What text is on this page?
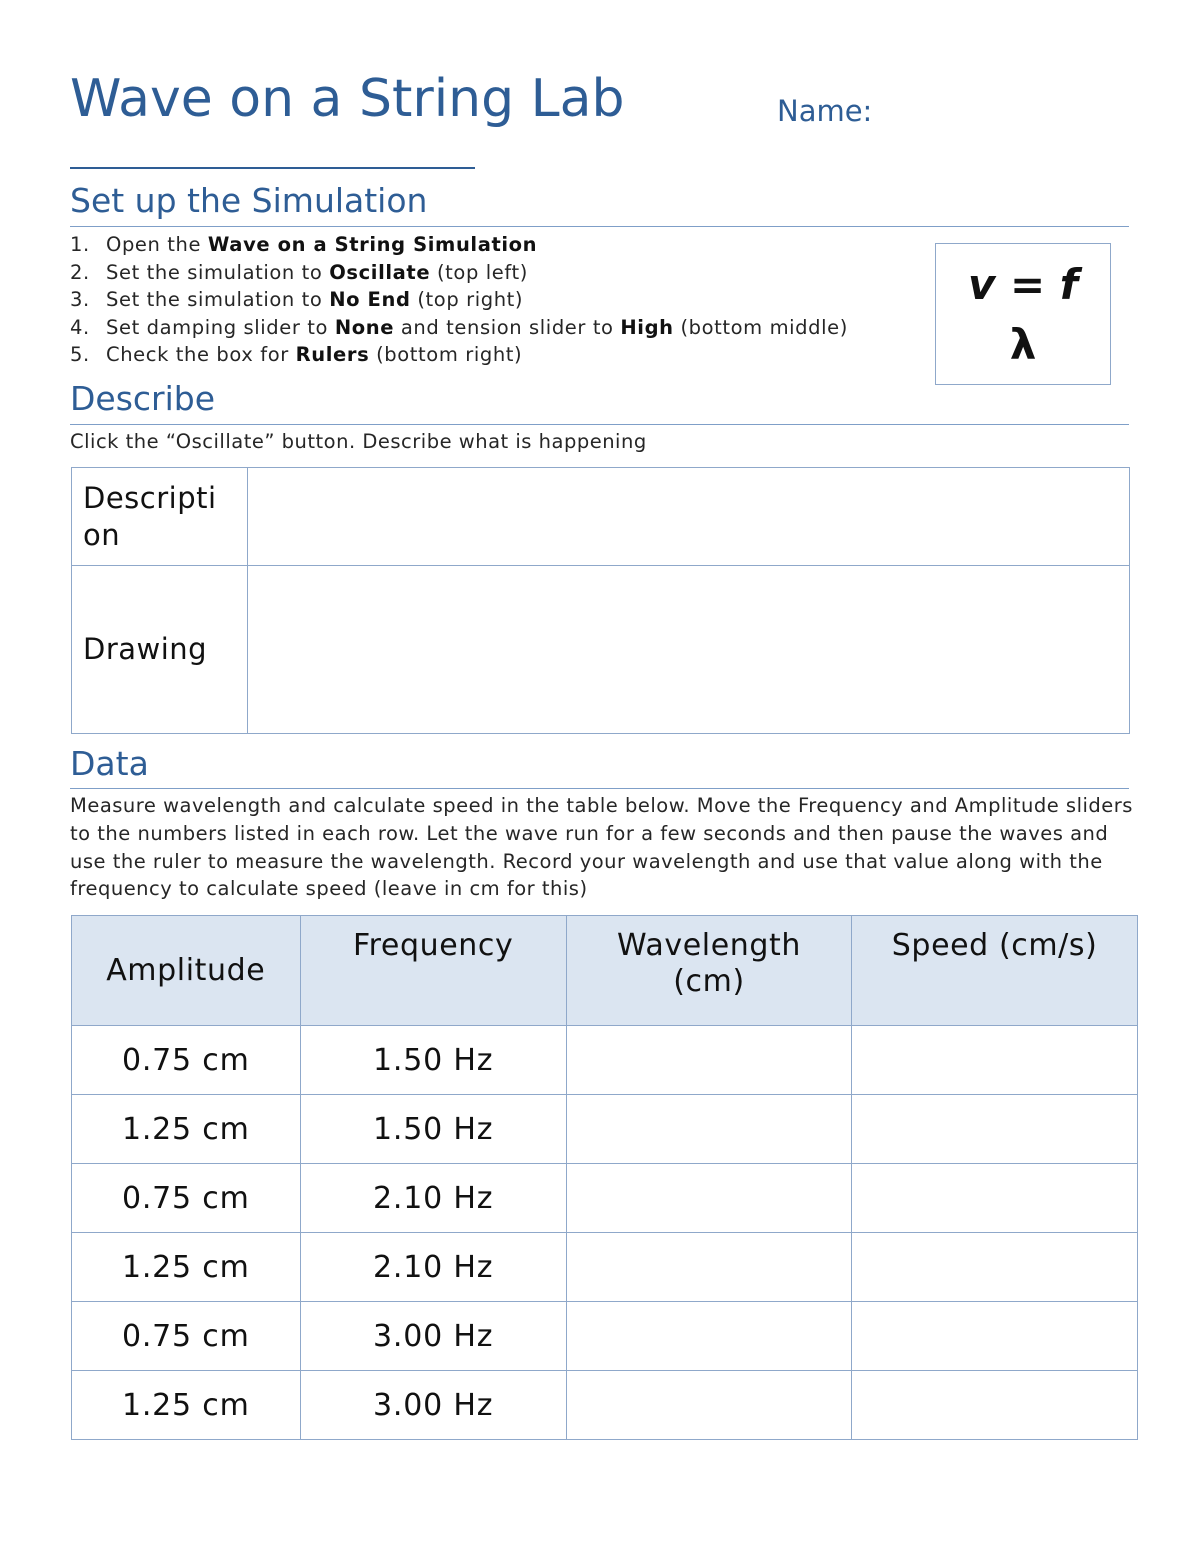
Wave on a String Lab	Name:
Set up the Simulation
1. Open the Wave on a String Simulation
2. Set the simulation to Oscillate (top left)
3. Set the simulation to No End (top right)
4. Set damping slider to None and tension slider to High (bottom middle)
5. Check the box for Rulers (bottom right)
v = f
λ
Describe
Click the “Oscillate” button. Describe what is happening
Description	

Drawing	
Data
Measure wavelength and calculate speed in the table below. Move the Frequency and Amplitude sliders to the numbers listed in each row. Let the wave run for a few seconds and then pause the waves and use the ruler to measure the wavelength. Record your wavelength and use that value along with the frequency to calculate speed (leave in cm for this)
Amplitude	Frequency	Wavelength (cm)	Speed (cm/s)
0.75 cm	1.50 Hz		
1.25 cm	1.50 Hz		
0.75 cm	2.10 Hz		
1.25 cm	2.10 Hz		
0.75 cm	3.00 Hz		
1.25 cm	3.00 Hz		
